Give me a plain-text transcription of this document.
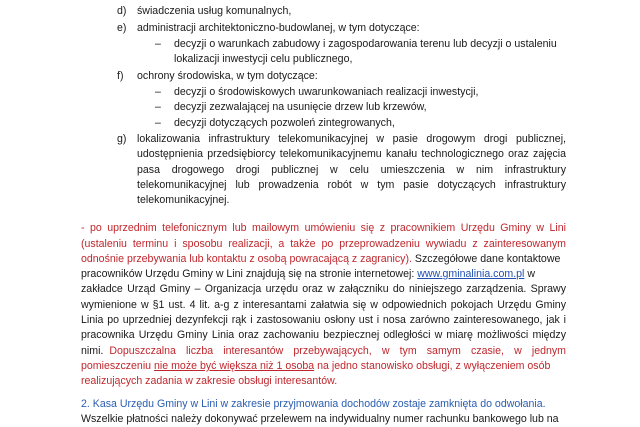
d) świadczenia usług komunalnych,
e) administracji architektoniczno-budowlanej, w tym dotyczące:
– decyzji o warunkach zabudowy i zagospodarowania terenu lub decyzji o ustaleniu
lokalizacji inwestycji celu publicznego,
f) ochrony środowiska, w tym dotyczące:
– decyzji o środowiskowych uwarunkowaniach realizacji inwestycji,
– decyzji zezwalającej na usunięcie drzew lub krzewów,
– decyzji dotyczących pozwoleń zintegrowanych,
g) lokalizowania infrastruktury telekomunikacyjnej w pasie drogowym drogi publicznej,
udostępnienia przedsiębiorcy telekomunikacyjnemu kanału technologicznego oraz zajęcia
pasa drogowego drogi publicznej w celu umieszczenia w nim infrastruktury
telekomunikacyjnej lub prowadzenia robót w tym pasie dotyczących infrastruktury
telekomunikacyjnej.
- po uprzednim telefonicznym lub mailowym umówieniu się z pracownikiem Urzędu Gminy w Lini
(ustaleniu terminu i sposobu realizacji, a także po przeprowadzeniu wywiadu z zainteresowanym
odnośnie przebywania lub kontaktu z osobą powracającą z zagranicy). Szczegółowe dane kontaktowe
pracowników Urzędu Gminy w Lini znajdują się na stronie internetowej: www.gminalinia.com.pl w
zakładce Urząd Gminy – Organizacja urzędu oraz w załączniku do niniejszego zarządzenia. Sprawy
wymienione w §1 ust. 4 lit. a-g z interesantami załatwia się w odpowiednich pokojach Urzędu Gminy
Linia po uprzedniej dezynfekcji rąk i zastosowaniu osłony ust i nosa zarówno zainteresowanego, jak i
pracownika Urzędu Gminy Linia oraz zachowaniu bezpiecznej odległości w miarę możliwości między
nimi. Dopuszczalna liczba interesantów przebywających, w tym samym czasie, w jednym
pomieszczeniu nie może być większa niż 1 osoba na jedno stanowisko obsługi, z wyłączeniem osób
realizujących zadania w zakresie obsługi interesantów.
2. Kasa Urzędu Gminy w Lini w zakresie przyjmowania dochodów zostaje zamknięta do odwołania.
Wszelkie płatności należy dokonywać przelewem na indywidualny numer rachunku bankowego lub na
